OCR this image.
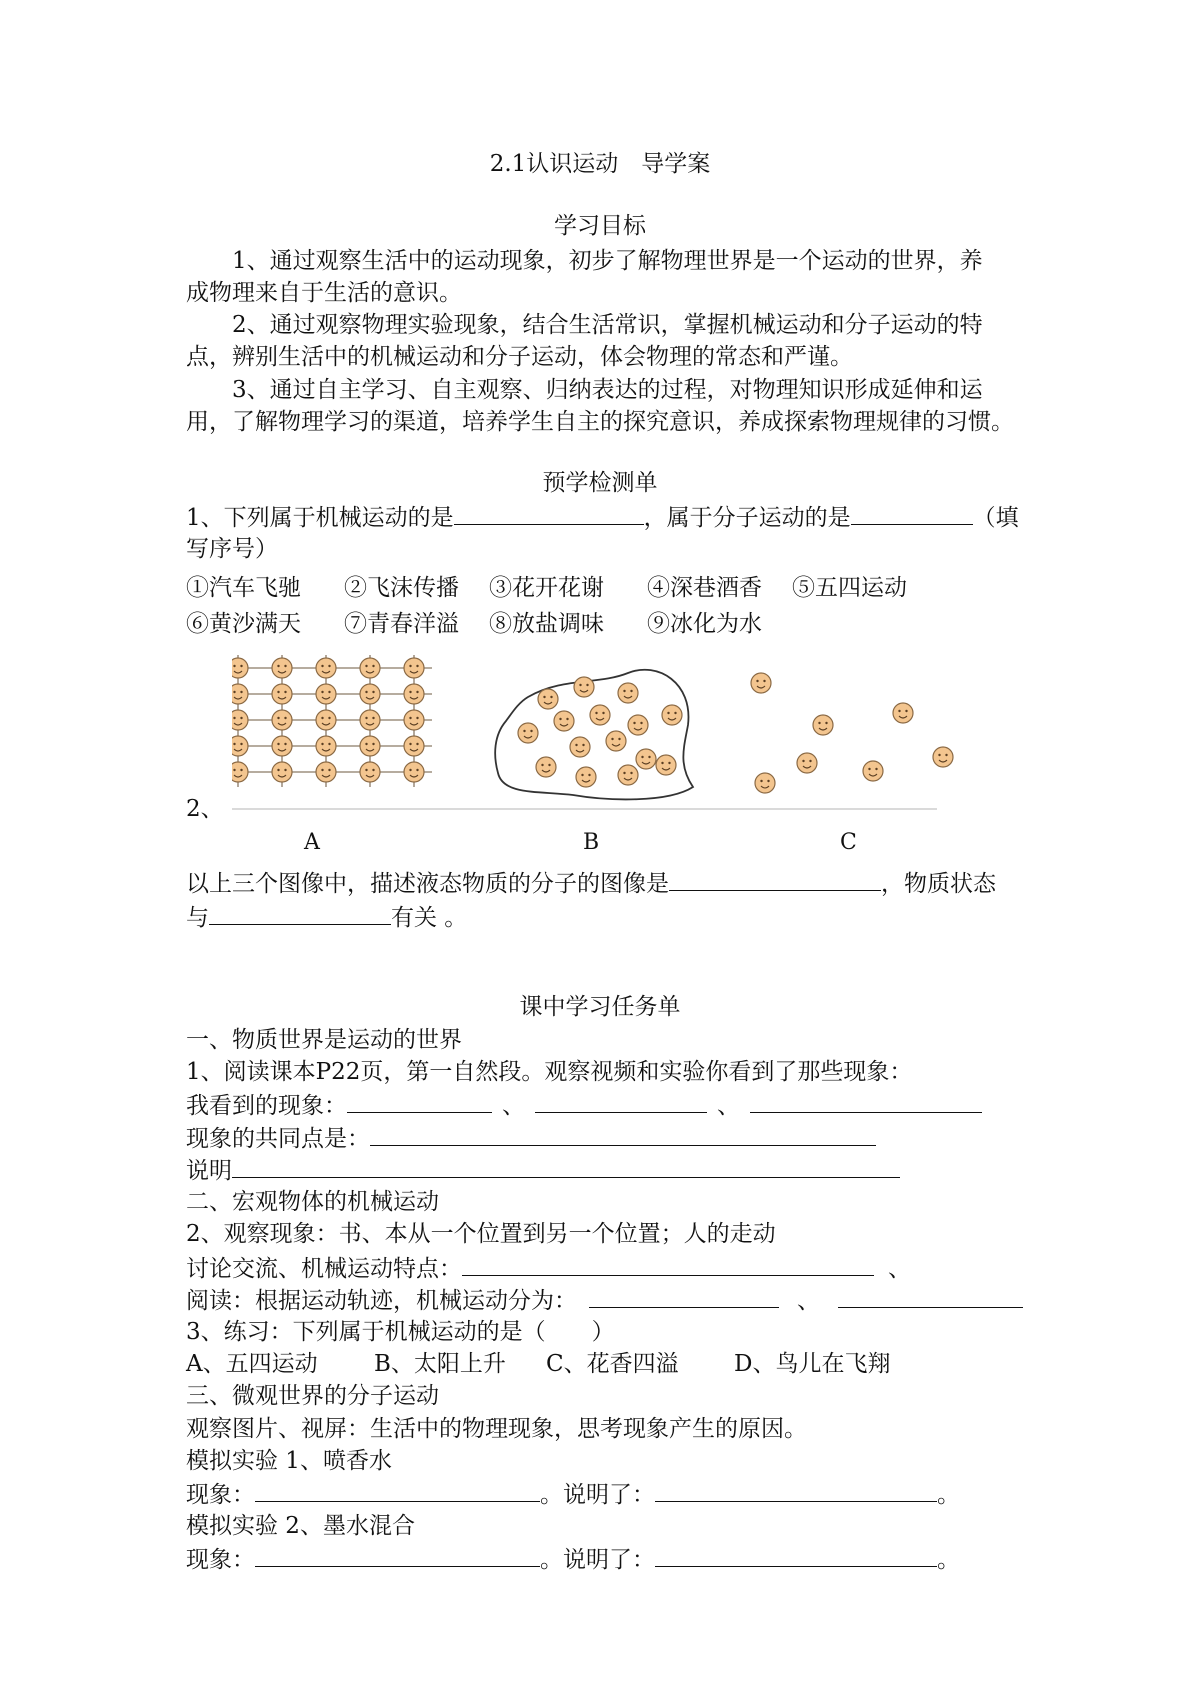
2.1认识运动　导学案
学习目标
1、通过观察生活中的运动现象，初步了解物理世界是一个运动的世界，养
成物理来自于生活的意识。
2、通过观察物理实验现象，结合生活常识，掌握机械运动和分子运动的特
点，辨别生活中的机械运动和分子运动，体会物理的常态和严谨。
3、通过自主学习、自主观察、归纳表达的过程，对物理知识形成延伸和运
用，了解物理学习的渠道，培养学生自主的探究意识，养成探索物理规律的习惯。
预学检测单
1、下列属于机械运动的是	，属于分子运动的是	（填
写序号）
①汽车飞驰 ②飞沫传播 ③花开花谢 ④深巷酒香 ⑤五四运动
⑥黄沙满天 ⑦青春洋溢 ⑧放盐调味 ⑨冰化为水
2、
A	B	C
以上三个图像中，描述液态物质的分子的图像是	，物质状态
与	有关 。
课中学习任务单
一、物质世界是运动的世界
1、阅读课本P22页，第一自然段。观察视频和实验你看到了那些现象：
我看到的现象：	、	、
现象的共同点是：
说明
二、宏观物体的机械运动
2、观察现象：书、本从一个位置到另一个位置；人的走动
讨论交流、机械运动特点：	、
阅读：根据运动轨迹，机械运动分为：	、
3、练习：下列属于机械运动的是（　　）
A、五四运动 B、太阳上升 C、花香四溢 D、鸟儿在飞翔
三、微观世界的分子运动
观察图片、视屏：生活中的物理现象，思考现象产生的原因。
模拟实验 1、喷香水
现象：	。说明了：	。
模拟实验 2、墨水混合
现象：	。说明了：	。
